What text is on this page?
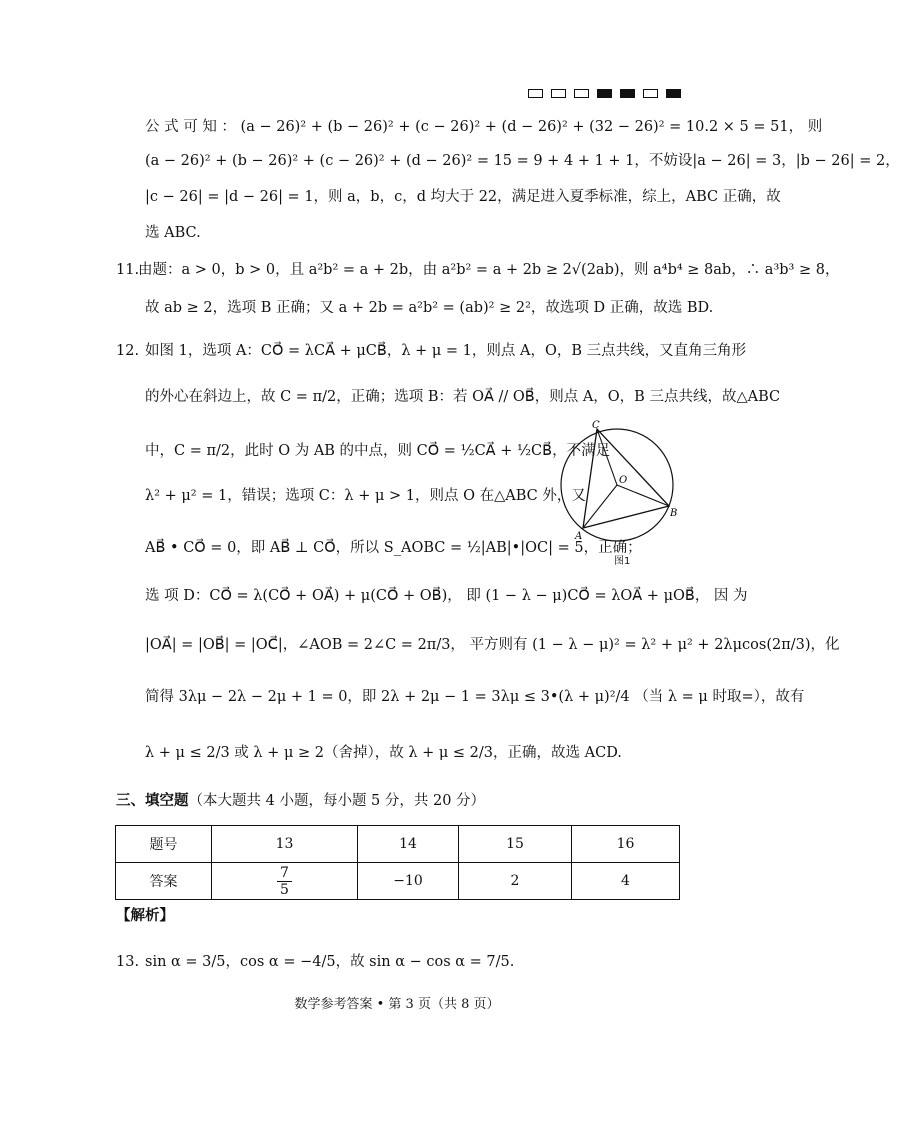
公 式 可 知 ： (a − 26)² + (b − 26)² + (c − 26)² + (d − 26)² + (32 − 26)² = 10.2 × 5 = 51， 则
(a − 26)² + (b − 26)² + (c − 26)² + (d − 26)² = 15 = 9 + 4 + 1 + 1，不妨设|a − 26| = 3，|b − 26| = 2，
|c − 26| = |d − 26| = 1，则 a，b，c，d 均大于 22，满足进入夏季标准，综上，ABC 正确，故
选 ABC.
11.
由题：a > 0，b > 0，且 a²b² = a + 2b，由 a²b² = a + 2b ≥ 2√(2ab)，则 a⁴b⁴ ≥ 8ab，∴ a³b³ ≥ 8，
故 ab ≥ 2，选项 B 正确；又 a + 2b = a²b² = (ab)² ≥ 2²，故选项 D 正确，故选 BD.
12. 如图 1，选项 A：CO⃗ = λCA⃗ + μCB⃗，λ + μ = 1，则点 A，O，B 三点共线，又直角三角形
的外心在斜边上，故 C = π/2，正确；选项 B：若 OA⃗ // OB⃗，则点 A，O，B 三点共线，故△ABC
中，C = π/2，此时 O 为 AB 的中点，则 CO⃗ = ½CA⃗ + ½CB⃗，不满足
λ² + μ² = 1，错误；选项 C：λ + μ > 1，则点 O 在△ABC 外，又
AB⃗ • CO⃗ = 0，即 AB⃗ ⊥ CO⃗，所以 S_AOBC = ½|AB|•|OC| = 5，正确；
选 项 D：CO⃗ = λ(CO⃗ + OA⃗) + μ(CO⃗ + OB⃗)， 即 (1 − λ − μ)CO⃗ = λOA⃗ + μOB⃗， 因 为
|OA⃗| = |OB⃗| = |OC⃗|，∠AOB = 2∠C = 2π/3， 平方则有 (1 − λ − μ)² = λ² + μ² + 2λμcos(2π/3)，化
简得 3λμ − 2λ − 2μ + 1 = 0，即 2λ + 2μ − 1 = 3λμ ≤ 3•(λ + μ)²/4 （当 λ = μ 时取=），故有
λ + μ ≤ 2/3 或 λ + μ ≥ 2（舍掉），故 λ + μ ≤ 2/3，正确，故选 ACD.
C
O
A
B
图1
三、填空题（本大题共 4 小题，每小题 5 分，共 20 分）
题号	13	14	15	16
答案	$\frac{7}{5}$	−10	2	4
【解析】
13. sin α = 3/5，cos α = −4/5，故 sin α − cos α = 7/5.
数学参考答案 • 第 3 页（共 8 页）
